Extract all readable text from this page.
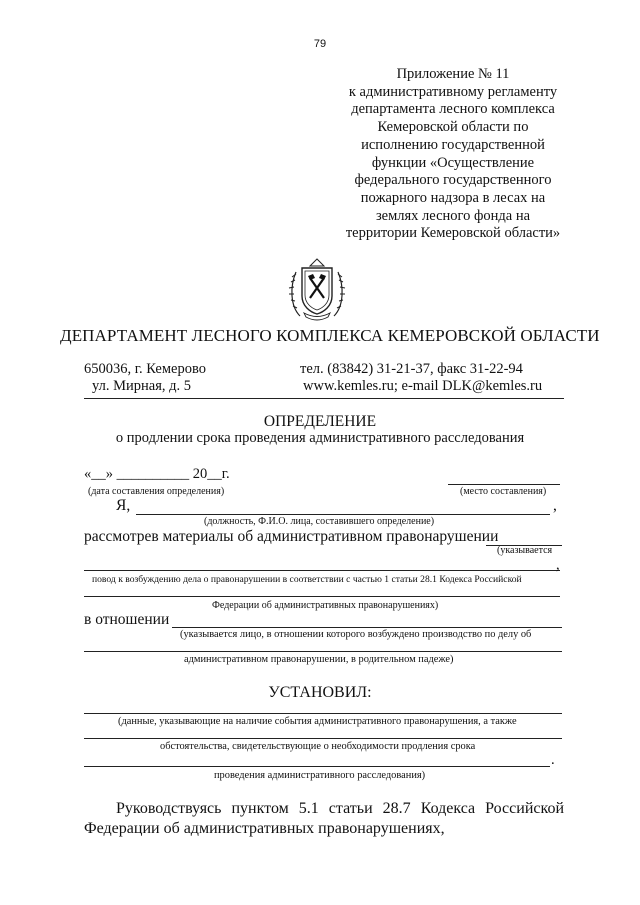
79
Приложение № 11
к административному регламенту
департамента лесного комплекса
Кемеровской области по
исполнению государственной
функции «Осуществление
федерального государственного
пожарного надзора в лесах на
землях лесного фонда на
территории Кемеровской области»
ДЕПАРТАМЕНТ ЛЕСНОГО КОМПЛЕКСА КЕМЕРОВСКОЙ ОБЛАСТИ
650036, г. Кемерово
ул. Мирная, д. 5
тел. (83842) 31-21-37, факс 31-22-94
www.kemles.ru; e-mail DLK@kemles.ru
ОПРЕДЕЛЕНИЕ
о продлении срока проведения административного расследования
«__» __________ 20__г.
(дата составления определения)	(место составления)
Я,	,
(должность, Ф.И.О. лица, составившего определение)
рассмотрев материалы об административном правонарушении
(указывается
,
повод к возбуждению дела о правонарушении в соответствии с частью 1 статьи 28.1 Кодекса Российской
Федерации об административных правонарушениях)
в отношении
(указывается лицо, в отношении которого возбуждено производство по делу об
административном правонарушении, в родительном падеже)
УСТАНОВИЛ:
(данные, указывающие на наличие события административного правонарушения, а также
обстоятельства, свидетельствующие о необходимости продления срока
.
проведения административного расследования)
Руководствуясь пунктом 5.1 статьи 28.7 Кодекса Российской
Федерации об административных правонарушениях,
